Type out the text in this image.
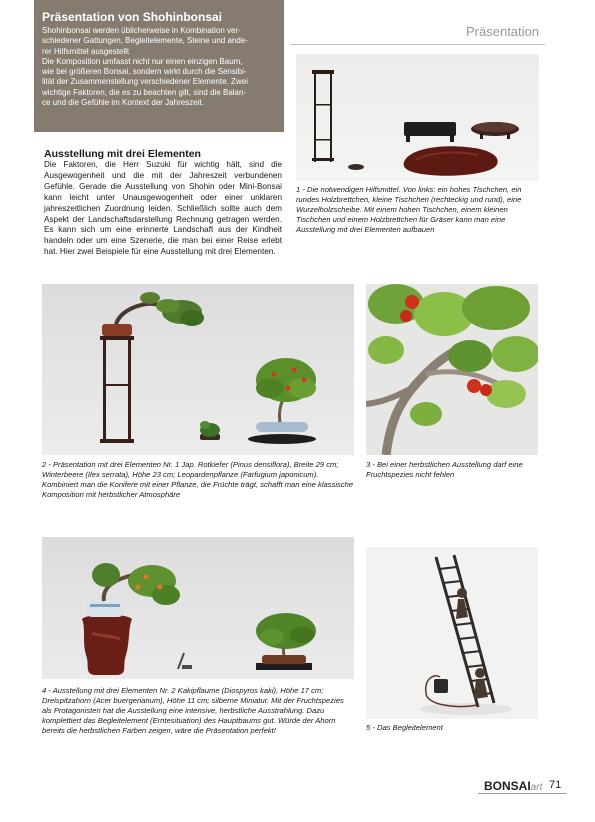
Präsentation von Shohinbonsai

Shohinbonsai werden üblicherweise in Kombination ver-
schiedener Gattungen, Begleitelemente, Steine und ande-
rer Hilfsmittel ausgestellt
Die Komposition umfasst nicht nur einen einzigen Baum,
wie bei größeren Bonsai, sondern wirkt durch die Sensibi-
lität der Zusammenstellung verschiedener Elemente. Zwei
wichtige Faktoren, die es zu beachten gilt, sind die Balan-
ce und die Gefühle im Kontext der Jahreszeit.

Präsentation

1 - Die notwendigen Hilfsmittel. Von links: ein hohes Tischchen, ein rundes Holzbrettchen, kleine Tischchen (rechteckig und rund), eine Wurzelholzscheibe. Mit einem hohen Tischchen, einem kleinen Tischchen und einem Holzbrettchen für Gräser kann man eine Ausstellung mit drei Elementen aufbauen

Ausstellung mit drei Elementen

Die Faktoren, die Herr Suzuki für wichtig hält, sind die Ausgewogenheit und die mit der Jahreszeit verbundenen Gefühle. Gerade die Ausstellung von Shohin oder Mini-Bonsai kann leicht unter Unausgewogenheit oder einer unklaren jahreszeitlichen Zuordnung leiden. Schließlich sollte auch dem Aspekt der Landschaftsdarstellung Rechnung getragen werden. Es kann sich um eine erinnerte Landschaft aus der Kindheit handeln oder um eine Szenerie, die man bei einer Reise erlebt hat. Hier zwei Beispiele für eine Ausstellung mit drei Elementen.

2 - Präsentation mit drei Elementen Nr. 1 Jap. Rotkiefer (Pinus densiflora), Breite 29 cm; Winterbeere (Ilex serrata), Höhe 23 cm; Leopardenpflanze (Farfugium japonicum). Kombiniert man die Konifere mit einer Pflanze, die Früchte trägt, schafft man eine klassische Komposition mit herbstlicher Atmosphäre

3 - Bei einer herbstlichen Ausstellung darf eine Fruchtspezies nicht fehlen

4 - Ausstellung mit drei Elementen Nr. 2 Kakipflaume (Diospyros kaki), Höhe 17 cm; Dreispitzahorn (Acer buergerianum), Höhe 11 cm; silberne Miniatur. Mit der Fruchtspezies als Protagonisten hat die Ausstellung eine intensive, herbstliche Ausstrahlung. Dazu komplettiert das Begleitelement (Erntesituation) des Hauptbaums gut. Würde der Ahorn bereits die herbstlichen Farben zeigen, wäre die Präsentation perfekt!	5 - Das Begleitelement

BONSAIart 71
